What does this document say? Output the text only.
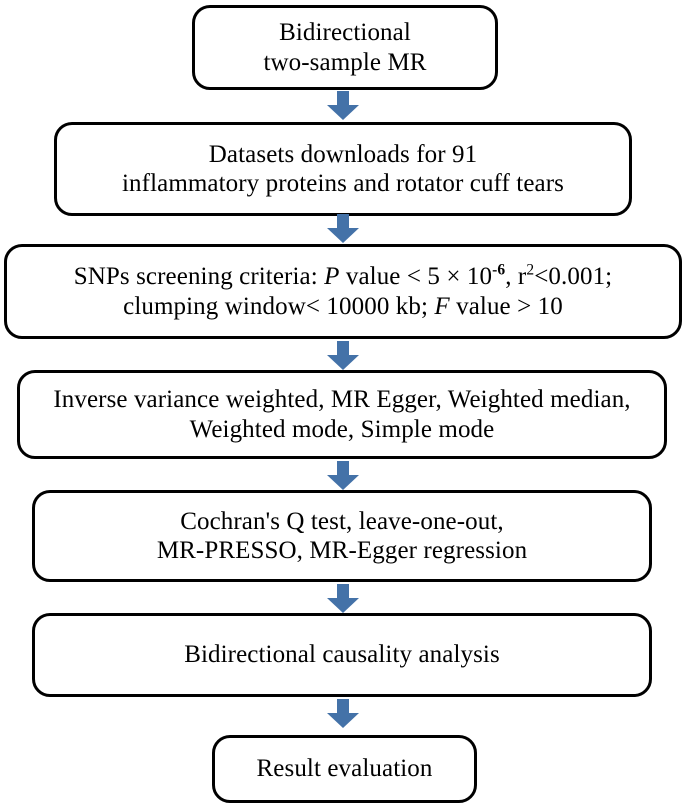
Bidirectional
two-sample MR
Datasets downloads for 91
inflammatory proteins and rotator cuff tears
SNPs screening criteria: P value < $5 \times 10^{-6}$, $r^2<0.001$;
clumping window< 10000 kb; F value > 10
Inverse variance weighted, MR Egger, Weighted median,
Weighted mode, Simple mode
Cochran's Q test, leave-one-out,
MR-PRESSO, MR-Egger regression
Bidirectional causality analysis
Result evaluation
